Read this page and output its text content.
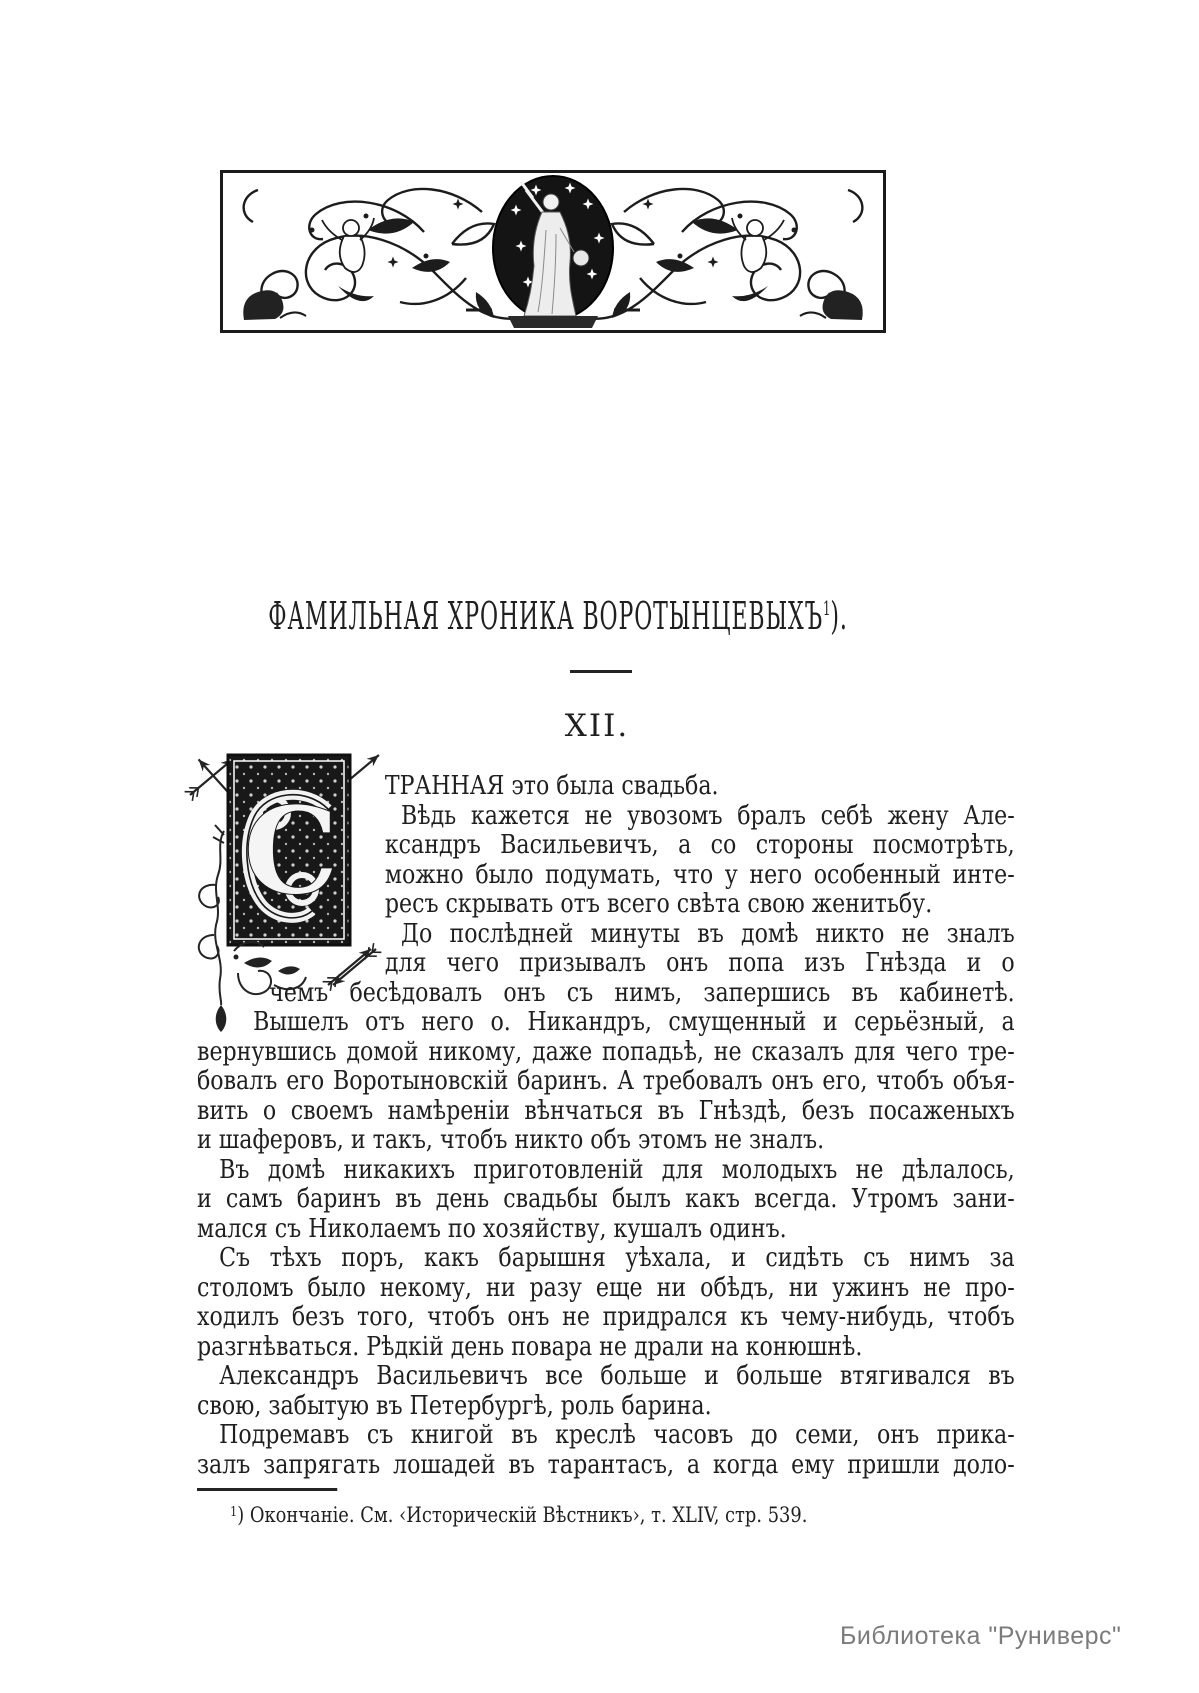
ФАМИЛЬНАЯ ХРОНИКА ВОРОТЫНЦЕВЫХЪ$^1$).
XII.
С ТРАННАЯ это была свадьба.
Вѣдь кажется не увозомъ бралъ себѣ жену Але-
ксандръ Васильевичъ, а со стороны посмотрѣть,
можно было подумать, что у него особенный инте-
ресъ скрывать отъ всего свѣта свою женитьбу.
До послѣдней минуты въ домѣ никто не зналъ
для чего призывалъ онъ попа изъ Гнѣзда и о
чемъ бесѣдовалъ онъ съ нимъ, запершись въ кабинетѣ.
Вышелъ отъ него о. Никандръ, смущенный и серьёзный, а
вернувшись домой никому, даже попадьѣ, не сказалъ для чего тре-
бовалъ его Воротыновскій баринъ. А требовалъ онъ его, чтобъ объя-
вить о своемъ намѣреніи вѣнчаться въ Гнѣздѣ, безъ посаженыхъ
и шаферовъ, и такъ, чтобъ никто объ этомъ не зналъ.
Въ домѣ никакихъ приготовленій для молодыхъ не дѣлалось,
и самъ баринъ въ день свадьбы былъ какъ всегда. Утромъ зани-
мался съ Николаемъ по хозяйству, кушалъ одинъ.
Съ тѣхъ поръ, какъ барышня уѣхала, и сидѣть съ нимъ за
столомъ было некому, ни разу еще ни обѣдъ, ни ужинъ не про-
ходилъ безъ того, чтобъ онъ не придрался къ чему-нибудь, чтобъ
разгнѣваться. Рѣдкій день повара не драли на конюшнѣ.
Александръ Васильевичъ все больше и больше втягивался въ
свою, забытую въ Петербургѣ, роль барина.
Подремавъ съ книгой въ креслѣ часовъ до семи, онъ прика-
залъ запрягать лошадей въ тарантасъ, а когда ему пришли доло-
$^1$) Окончаніе. См. ‹Историческій Вѣстникъ›, т. XLIV, стр. 539.
Библиотека "Руниверс"
